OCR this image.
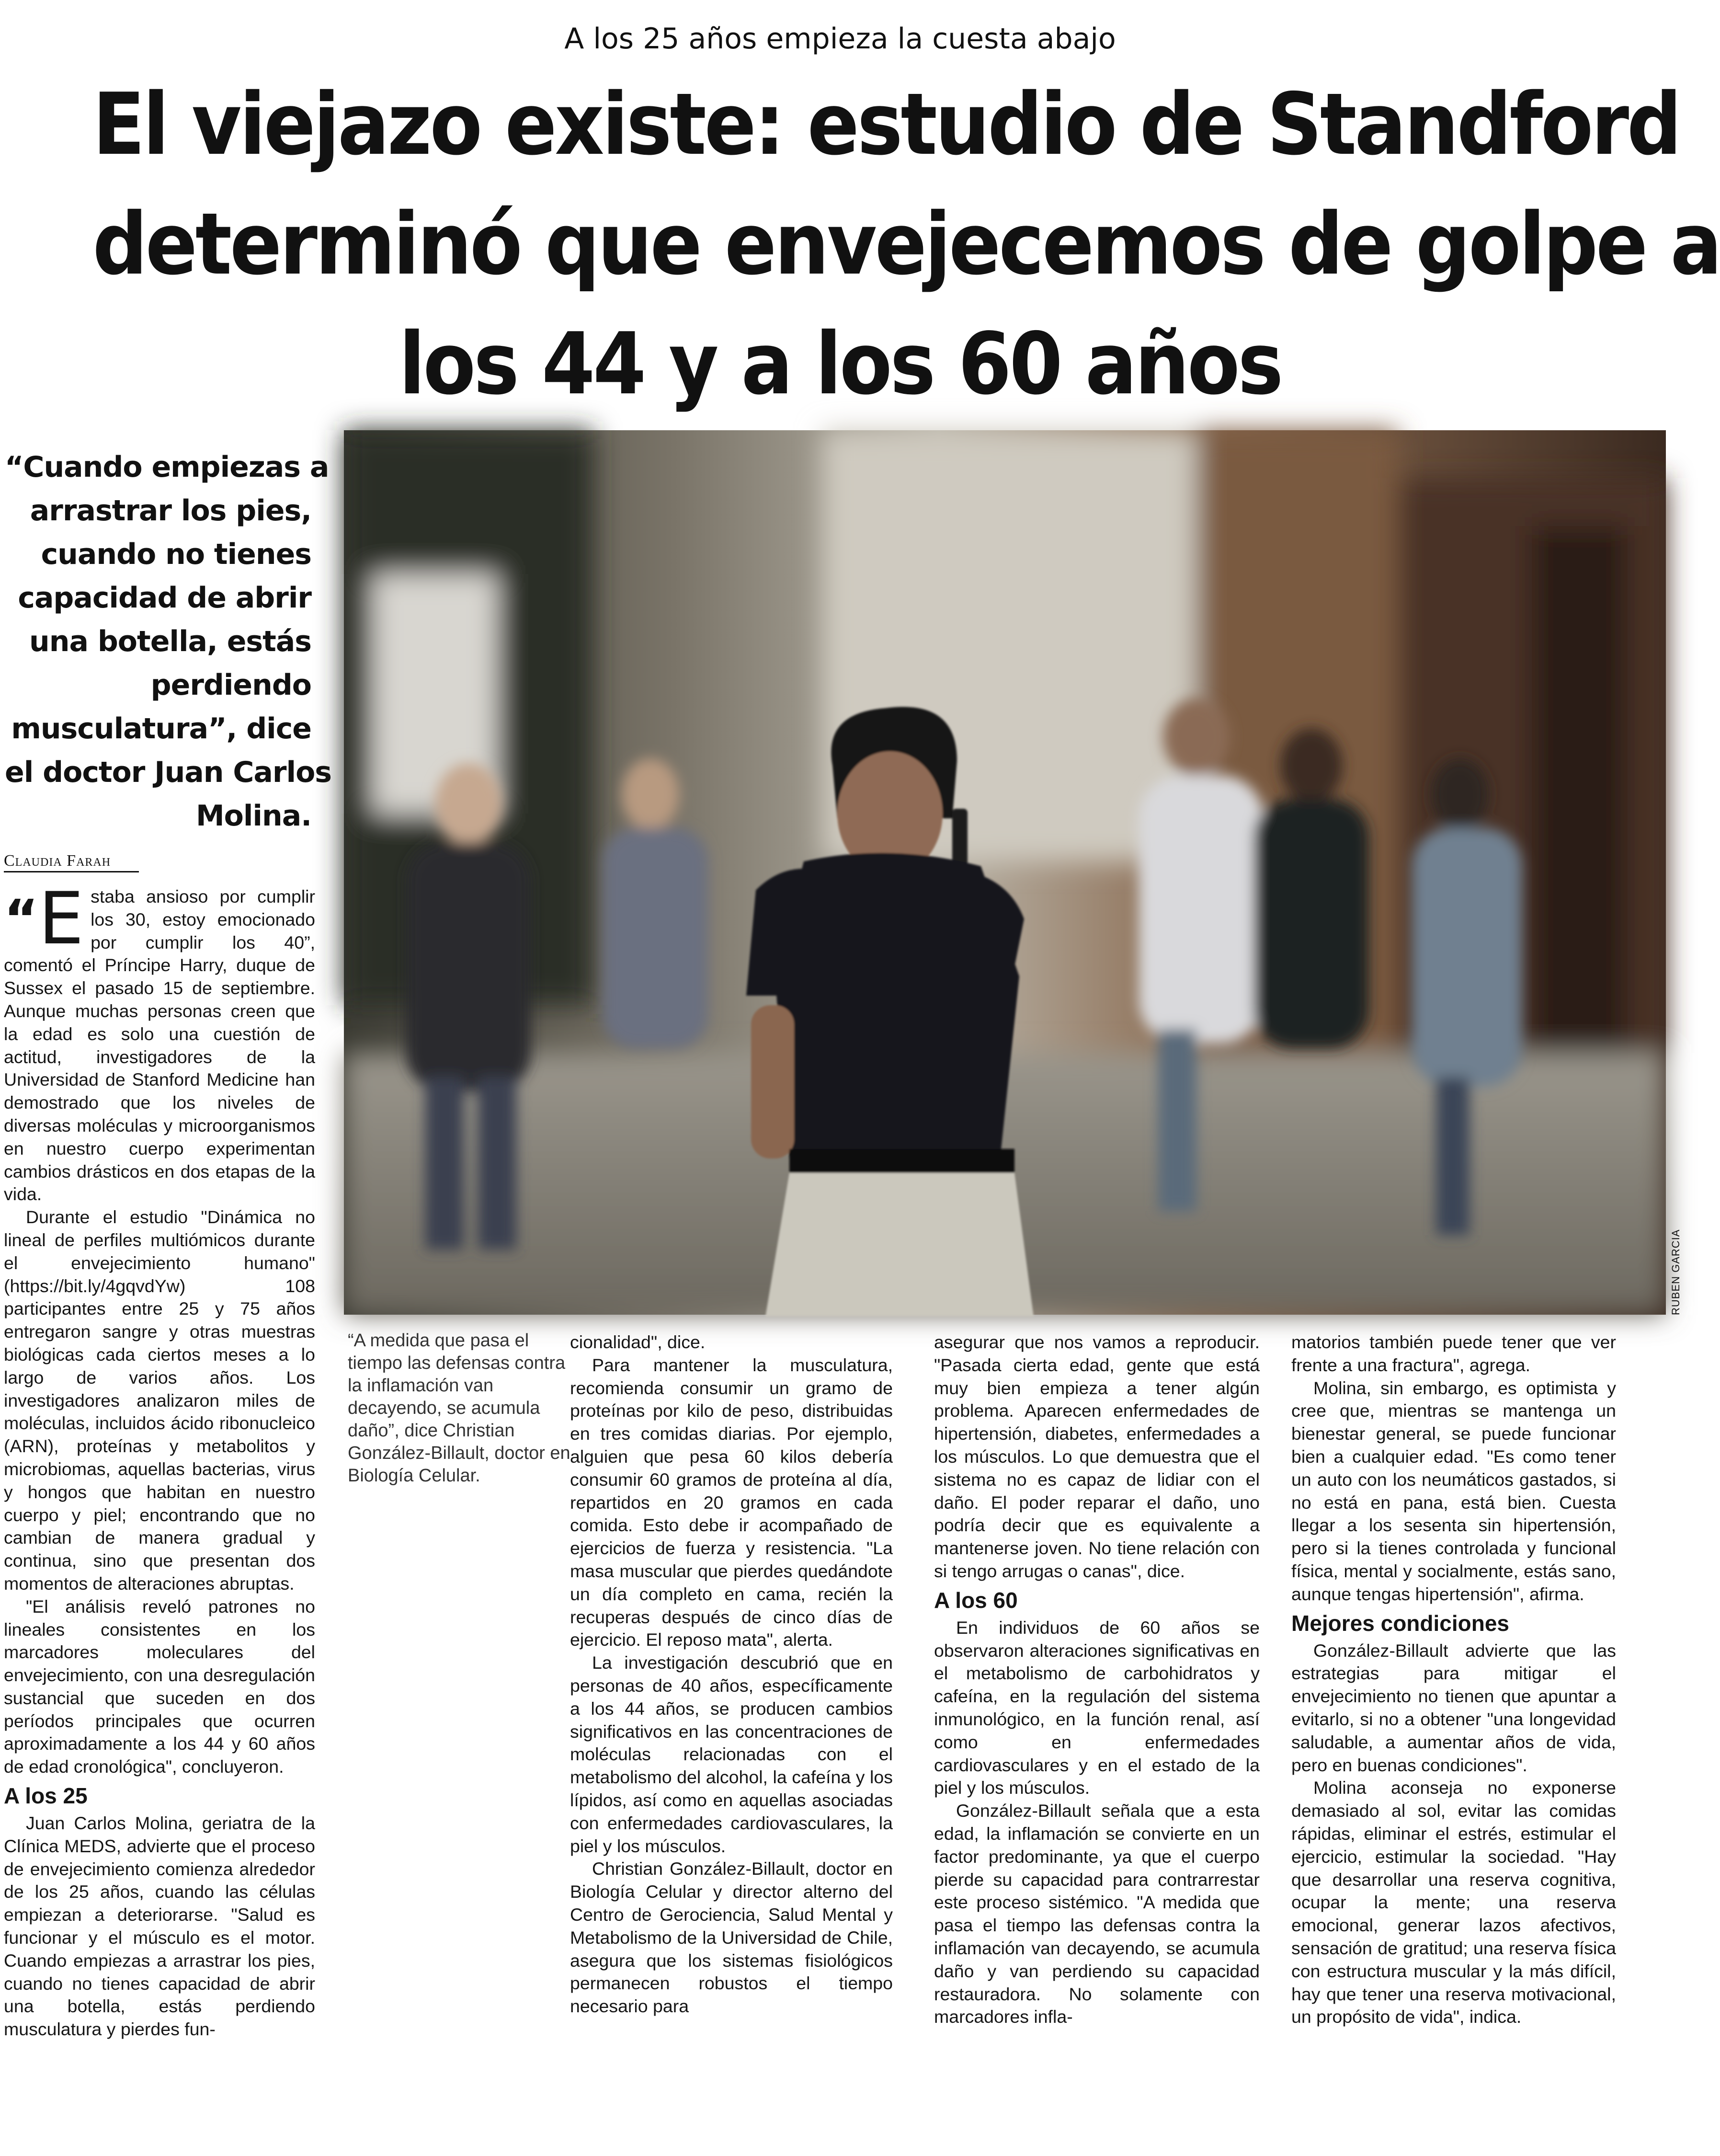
A los 25 años empieza la cuesta abajo
El viejazo existe: estudio de Standford
determinó que envejecemos de golpe a
los 44 y a los 60 años
“Cuando empiezas a
arrastrar los pies,
cuando no tienes
capacidad de abrir
una botella, estás
perdiendo
musculatura”, dice
el doctor Juan Carlos
Molina.
Claudia Farah
RUBEN GARCIA

“E staba ansioso por cumplir los 30, estoy emocionado por cumplir los 40”, comentó el Príncipe Harry, duque de Sussex el pasado 15 de septiembre. Aunque muchas personas creen que la edad es solo una cuestión de actitud, investigadores de la Universidad de Stanford Medicine han demostrado que los niveles de diversas moléculas y microorganismos en nuestro cuerpo experimentan cambios drásticos en dos etapas de la vida.

Durante el estudio "Dinámica no lineal de perfiles multiómicos durante el envejecimiento humano" (https://bit.ly/4gqvdYw) 108 participantes entre 25 y 75 años entregaron sangre y otras muestras biológicas cada ciertos meses a lo largo de varios años. Los investigadores analizaron miles de moléculas, incluidos ácido ribonucleico (ARN), proteínas y metabolitos y microbiomas, aquellas bacterias, virus y hongos que habitan en nuestro cuerpo y piel; encontrando que no cambian de manera gradual y continua, sino que presentan dos momentos de alteraciones abruptas.

"El análisis reveló patrones no lineales consistentes en los marcadores moleculares del envejecimiento, con una desregulación sustancial que suceden en dos períodos principales que ocurren aproximadamente a los 44 y 60 años de edad cronológica", concluyeron.

A los 25

Juan Carlos Molina, geriatra de la Clínica MEDS, advierte que el proceso de envejecimiento comienza alrededor de los 25 años, cuando las células empiezan a deteriorarse. "Salud es funcionar y el músculo es el motor. Cuando empiezas a arrastrar los pies, cuando no tienes capacidad de abrir una botella, estás perdiendo musculatura y pierdes fun-

“A medida que pasa el tiempo las defensas contra la inflamación van decayendo, se acumula daño”, dice Christian González-Billault, doctor en Biología Celular.

cionalidad", dice.

Para mantener la musculatura, recomienda consumir un gramo de proteínas por kilo de peso, distribuidas en tres comidas diarias. Por ejemplo, alguien que pesa 60 kilos debería consumir 60 gramos de proteína al día, repartidos en 20 gramos en cada comida. Esto debe ir acompañado de ejercicios de fuerza y resistencia. "La masa muscular que pierdes quedándote un día completo en cama, recién la recuperas después de cinco días de ejercicio. El reposo mata", alerta.

La investigación descubrió que en personas de 40 años, específicamente a los 44 años, se producen cambios significativos en las concentraciones de moléculas relacionadas con el metabolismo del alcohol, la cafeína y los lípidos, así como en aquellas asociadas con enfermedades cardiovasculares, la piel y los músculos.

Christian González-Billault, doctor en Biología Celular y director alterno del Centro de Gerociencia, Salud Mental y Metabolismo de la Universidad de Chile, asegura que los sistemas fisiológicos permanecen robustos el tiempo necesario para

asegurar que nos vamos a reproducir. "Pasada cierta edad, gente que está muy bien empieza a tener algún problema. Aparecen enfermedades de hipertensión, diabetes, enfermedades a los músculos. Lo que demuestra que el sistema no es capaz de lidiar con el daño. El poder reparar el daño, uno podría decir que es equivalente a mantenerse joven. No tiene relación con si tengo arrugas o canas", dice.

A los 60

En individuos de 60 años se observaron alteraciones significativas en el metabolismo de carbohidratos y cafeína, en la regulación del sistema inmunológico, en la función renal, así como en enfermedades cardiovasculares y en el estado de la piel y los músculos.

González-Billault señala que a esta edad, la inflamación se convierte en un factor predominante, ya que el cuerpo pierde su capacidad para contrarrestar este proceso sistémico. "A medida que pasa el tiempo las defensas contra la inflamación van decayendo, se acumula daño y van perdiendo su capacidad restauradora. No solamente con marcadores infla-

matorios también puede tener que ver frente a una fractura", agrega.

Molina, sin embargo, es optimista y cree que, mientras se mantenga un bienestar general, se puede funcionar bien a cualquier edad. "Es como tener un auto con los neumáticos gastados, si no está en pana, está bien. Cuesta llegar a los sesenta sin hipertensión, pero si la tienes controlada y funcional física, mental y socialmente, estás sano, aunque tengas hipertensión", afirma.

Mejores condiciones

González-Billault advierte que las estrategias para mitigar el envejecimiento no tienen que apuntar a evitarlo, si no a obtener "una longevidad saludable, a aumentar años de vida, pero en buenas condiciones".

Molina aconseja no exponerse demasiado al sol, evitar las comidas rápidas, eliminar el estrés, estimular el ejercicio, estimular la sociedad. "Hay que desarrollar una reserva cognitiva, ocupar la mente; una reserva emocional, generar lazos afectivos, sensación de gratitud; una reserva física con estructura muscular y la más difícil, hay que tener una reserva motivacional, un propósito de vida", indica.
